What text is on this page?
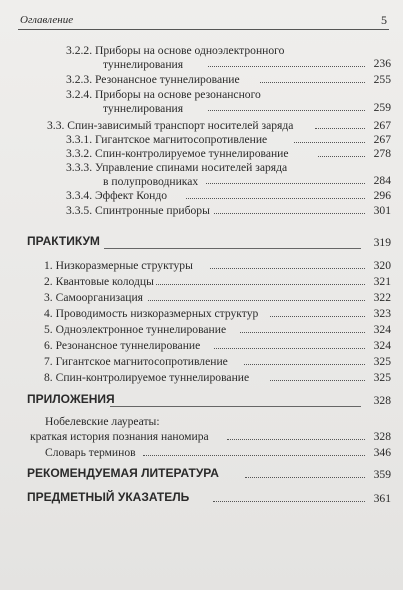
Оглавление	5
3.2.2. Приборы на основе одноэлектронного
туннелирования	236
3.2.3. Резонансное туннелирование	255
3.2.4. Приборы на основе резонансного
туннелирования	259
3.3. Спин-зависимый транспорт носителей заряда	267
3.3.1. Гигантское магнитосопротивление	267
3.3.2. Спин-контролируемое туннелирование	278
3.3.3. Управление спинами носителей заряда
в полупроводниках	284
3.3.4. Эффект Кондо	296
3.3.5. Спинтронные приборы	301
ПРАКТИКУМ	319
1. Низкоразмерные структуры	320
2. Квантовые колодцы	321
3. Самоорганизация	322
4. Проводимость низкоразмерных структур	323
5. Одноэлектронное туннелирование	324
6. Резонансное туннелирование	324
7. Гигантское магнитосопротивление	325
8. Спин-контролируемое туннелирование	325
ПРИЛОЖЕНИЯ	328
Нобелевские лауреаты:
краткая история познания наномира	328
Словарь терминов	346
РЕКОМЕНДУЕМАЯ ЛИТЕРАТУРА	359
ПРЕДМЕТНЫЙ УКАЗАТЕЛЬ	361
